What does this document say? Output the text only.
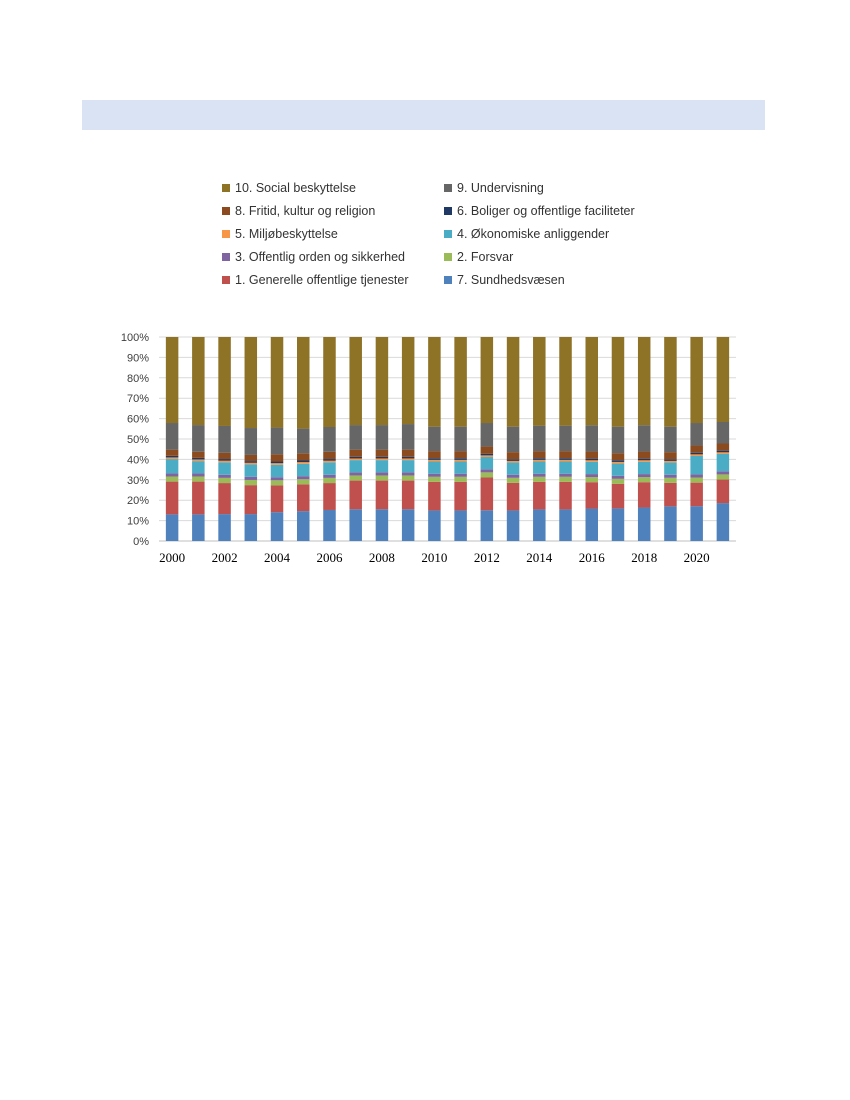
10. Social beskyttelse	9. Undervisning
8. Fritid, kultur og religion	6. Boliger og offentlige faciliteter
5. Miljøbeskyttelse	4. Økonomiske anliggender
3. Offentlig orden og sikkerhed	2. Forsvar
1. Generelle offentlige tjenester	7. Sundhedsvæsen
0%
10%
20%
30%
40%
50%
60%
70%
80%
90%
100%
2000 2002 2004 2006 2008 2010 2012 2014 2016 2018 2020
